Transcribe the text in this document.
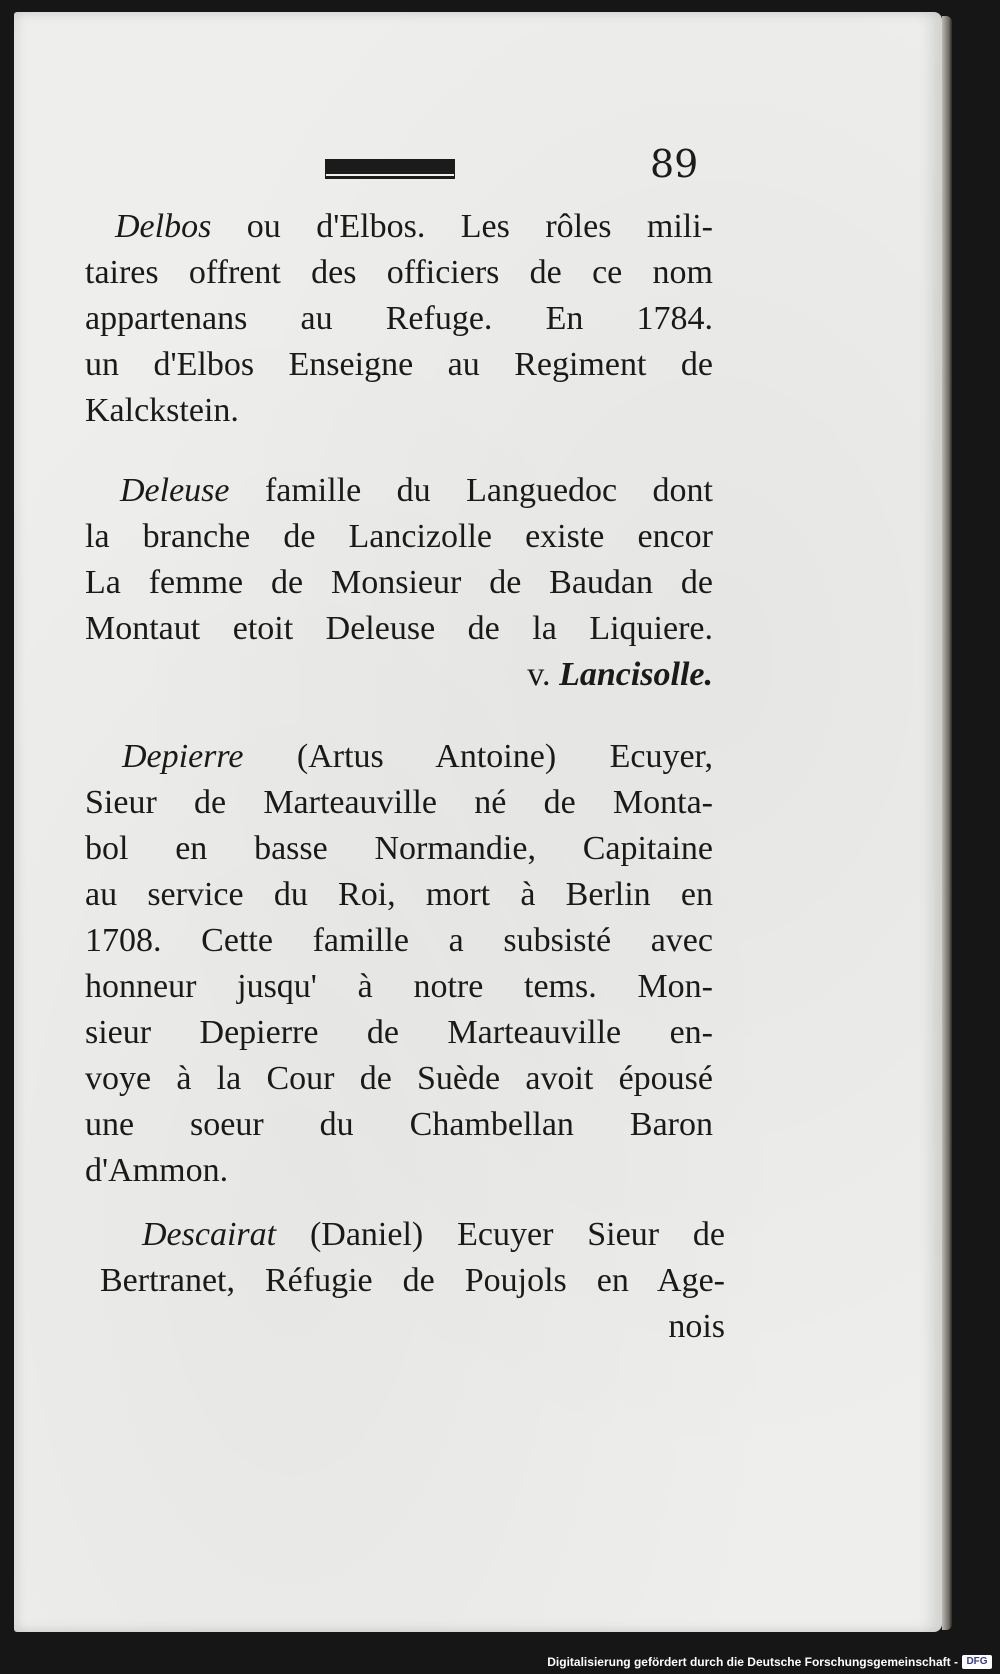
89
Delbos ou d'Elbos. Les rôles mili-
taires offrent des officiers de ce nom
appartenans au Refuge. En 1784.
un d'Elbos Enseigne au Regiment de
Kalckstein.
Deleuse famille du Languedoc dont
la branche de Lancizolle existe encor
La femme de Monsieur de Baudan de
Montaut etoit Deleuse de la Liquiere.
v. Lancisolle.
Depierre (Artus Antoine) Ecuyer,
Sieur de Marteauville né de Monta-
bol en basse Normandie, Capitaine
au service du Roi, mort à Berlin en
1708. Cette famille a subsisté avec
honneur jusqu' à notre tems. Mon-
sieur Depierre de Marteauville en-
voye à la Cour de Suède avoit épousé
une soeur du Chambellan Baron
d'Ammon.
Descairat (Daniel) Ecuyer Sieur de
Bertranet, Réfugie de Poujols en Age-
nois
Digitalisierung gefördert durch die Deutsche Forschungsgemeinschaft - DFG
